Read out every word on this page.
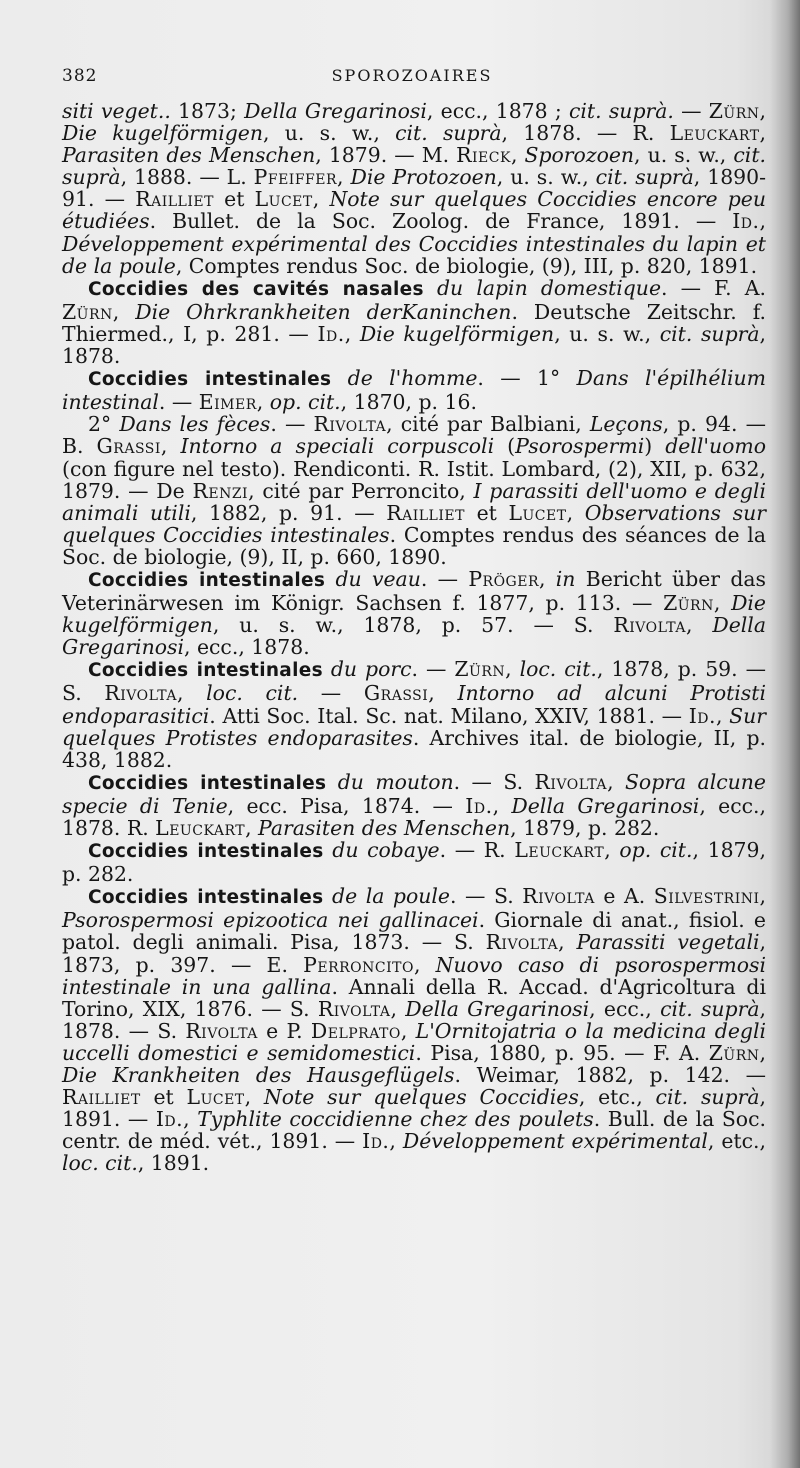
382	SPOROZOAIRES

siti veget.. 1873; Della Gregarinosi, ecc., 1878 ; cit. suprà. — Zürn, Die kugelförmigen, u. s. w., cit. suprà, 1878. — R. Leuckart, Parasiten des Menschen, 1879. — M. Rieck, Sporozoen, u. s. w., cit. suprà, 1888. — L. Pfeiffer, Die Protozoen, u. s. w., cit. suprà, 1890-91. — Railliet et Lucet, Note sur quelques Coccidies encore peu étudiées. Bullet. de la Soc. Zoolog. de France, 1891. — Id., Développement expérimental des Coccidies intestinales du lapin et de la poule, Comptes rendus Soc. de biologie, (9), III, p. 820, 1891.

Coccidies des cavités nasales du lapin domestique. — F. A. Zürn, Die Ohrkrankheiten derKaninchen. Deutsche Zeitschr. f. Thiermed., I, p. 281. — Id., Die kugelförmigen, u. s. w., cit. suprà, 1878.

Coccidies intestinales de l'homme. — 1° Dans l'épilhélium intestinal. — Eimer, op. cit., 1870, p. 16.

2° Dans les fèces. — Rivolta, cité par Balbiani, Leçons, p. 94. — B. Grassi, Intorno a speciali corpuscoli (Psorospermi) dell'uomo (con figure nel testo). Rendiconti. R. Istit. Lombard, (2), XII, p. 632, 1879. — De Renzi, cité par Perroncito, I parassiti dell'uomo e degli animali utili, 1882, p. 91. — Railliet et Lucet, Observations sur quelques Coccidies intestinales. Comptes rendus des séances de la Soc. de biologie, (9), II, p. 660, 1890.

Coccidies intestinales du veau. — Pröger, in Bericht über das Veterinärwesen im Königr. Sachsen f. 1877, p. 113. — Zürn, Die kugelförmigen, u. s. w., 1878, p. 57. — S. Rivolta, Della Gregarinosi, ecc., 1878.

Coccidies intestinales du porc. — Zürn, loc. cit., 1878, p. 59. — S. Rivolta, loc. cit. — Grassi, Intorno ad alcuni Protisti endoparasitici. Atti Soc. Ital. Sc. nat. Milano, XXIV, 1881. — Id., Sur quelques Protistes endoparasites. Archives ital. de biologie, II, p. 438, 1882.

Coccidies intestinales du mouton. — S. Rivolta, Sopra alcune specie di Tenie, ecc. Pisa, 1874. — Id., Della Gregarinosi, ecc., 1878. R. Leuckart, Parasiten des Menschen, 1879, p. 282.

Coccidies intestinales du cobaye. — R. Leuckart, op. cit., 1879, p. 282.

Coccidies intestinales de la poule. — S. Rivolta e A. Silvestrini, Psorospermosi epizootica nei gallinacei. Giornale di anat., fisiol. e patol. degli animali. Pisa, 1873. — S. Rivolta, Parassiti vegetali, 1873, p. 397. — E. Perroncito, Nuovo caso di psorospermosi intestinale in una gallina. Annali della R. Accad. d'Agricoltura di Torino, XIX, 1876. — S. Rivolta, Della Gregarinosi, ecc., cit. suprà, 1878. — S. Rivolta e P. Delprato, L'Ornitojatria o la medicina degli uccelli domestici e semidomestici. Pisa, 1880, p. 95. — F. A. Zürn, Die Krankheiten des Hausgeflügels. Weimar, 1882, p. 142. — Railliet et Lucet, Note sur quelques Coccidies, etc., cit. suprà, 1891. — Id., Typhlite coccidienne chez des poulets. Bull. de la Soc. centr. de méd. vét., 1891. — Id., Développement expérimental, etc., loc. cit., 1891.
